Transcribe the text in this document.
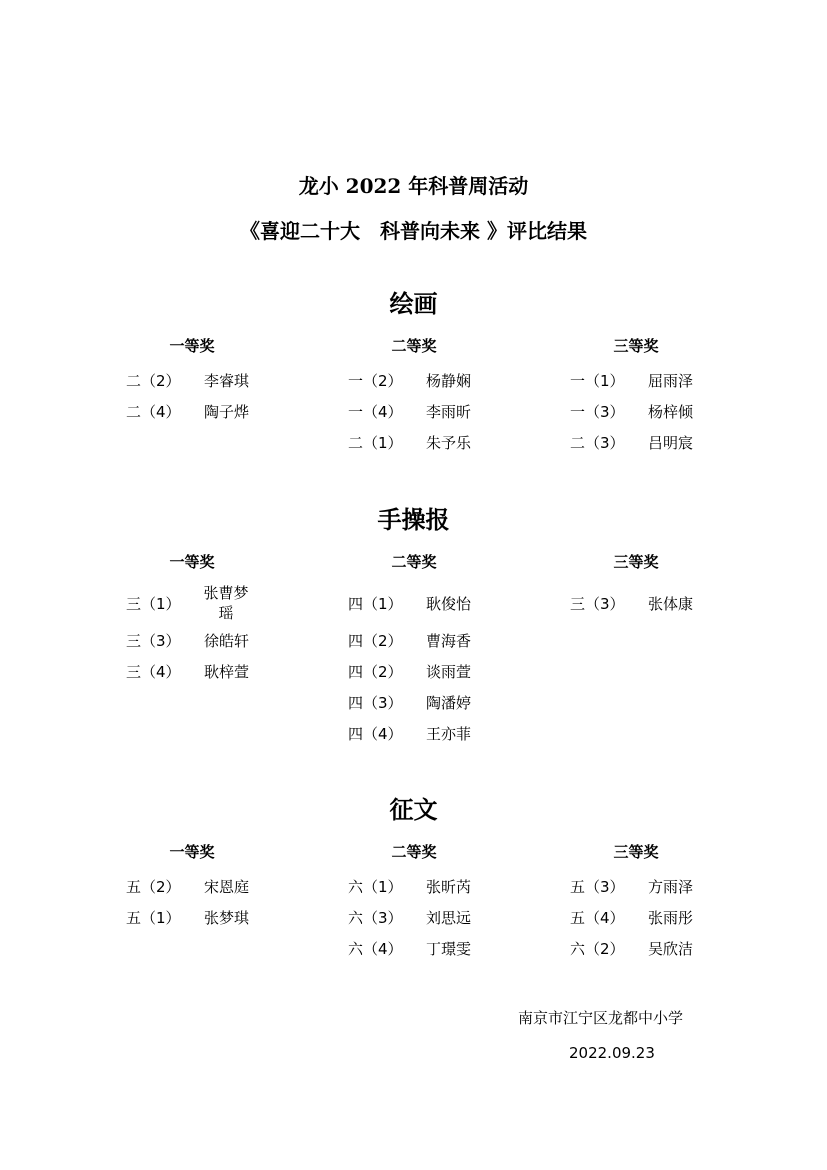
龙小 2022 年科普周活动
《喜迎二十大　科普向未来 》评比结果
绘画
一等奖
二（2） 李睿琪
二（4） 陶子烨
二等奖
一（2） 杨静娴
一（4） 李雨昕
二（1） 朱予乐
三等奖
一（1） 屈雨泽
一（3） 杨梓倾
二（3） 吕明宸
手操报
一等奖
三（1）
张曹梦瑶
三（3） 徐皓轩
三（4） 耿梓萱
二等奖
四（1） 耿俊怡
四（2） 曹海香
四（2） 谈雨萱
四（3） 陶潘婷
四（4） 王亦菲
三等奖
三（3） 张体康
征文
一等奖
五（2） 宋恩庭
五（1） 张梦琪
二等奖
六（1） 张昕芮
六（3） 刘思远
六（4） 丁璟雯
三等奖
五（3） 方雨泽
五（4） 张雨彤
六（2） 吴欣洁
南京市江宁区龙都中小学
2022.09.23
